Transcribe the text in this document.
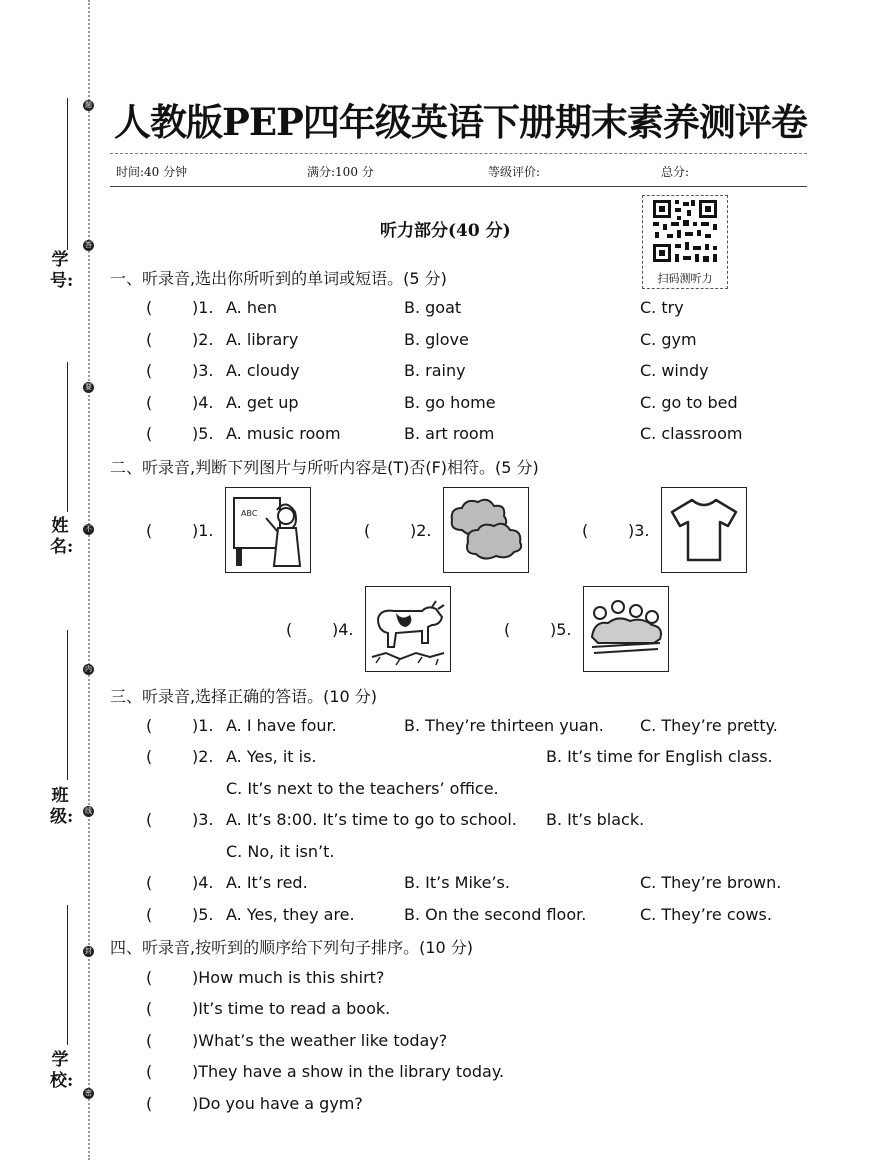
题
答
要
不
内
线
封
密
学 号:
姓 名:
班 级:
学 校:
人教版PEP四年级英语下册期末素养测评卷
时间:40 分钟	满分:100 分	等级评价:	总分:
听力部分(40 分)
扫码测听力
一、听录音,选出你所听到的单词或短语。(5 分)
( )1. A. hen	B. goat	C. try
( )2. A. library	B. glove	C. gym
( )3. A. cloudy	B. rainy	C. windy
( )4. A. get up	B. go home	C. go to bed
( )5. A. music room	B. art room	C. classroom
二、听录音,判断下列图片与所听内容是(T)否(F)相符。(5 分)
( )1.
ABC
( )2.	( )3.
( )4.	( )5.
三、听录音,选择正确的答语。(10 分)
( )1. A. I have four.	B. They’re thirteen yuan. C. They’re pretty.
( )2. A. Yes, it is.	B. It’s time for English class.
C. It’s next to the teachers’ office.
( )3. A. It’s 8:00. It’s time to go to school. B. It’s black.
C. No, it isn’t.
( )4. A. It’s red.	B. It’s Mike’s.	C. They’re brown.
( )5. A. Yes, they are.	B. On the second floor.	C. They’re cows.
四、听录音,按听到的顺序给下列句子排序。(10 分)
( )How much is this shirt?
( )It’s time to read a book.
( )What’s the weather like today?
( )They have a show in the library today.
( )Do you have a gym?
